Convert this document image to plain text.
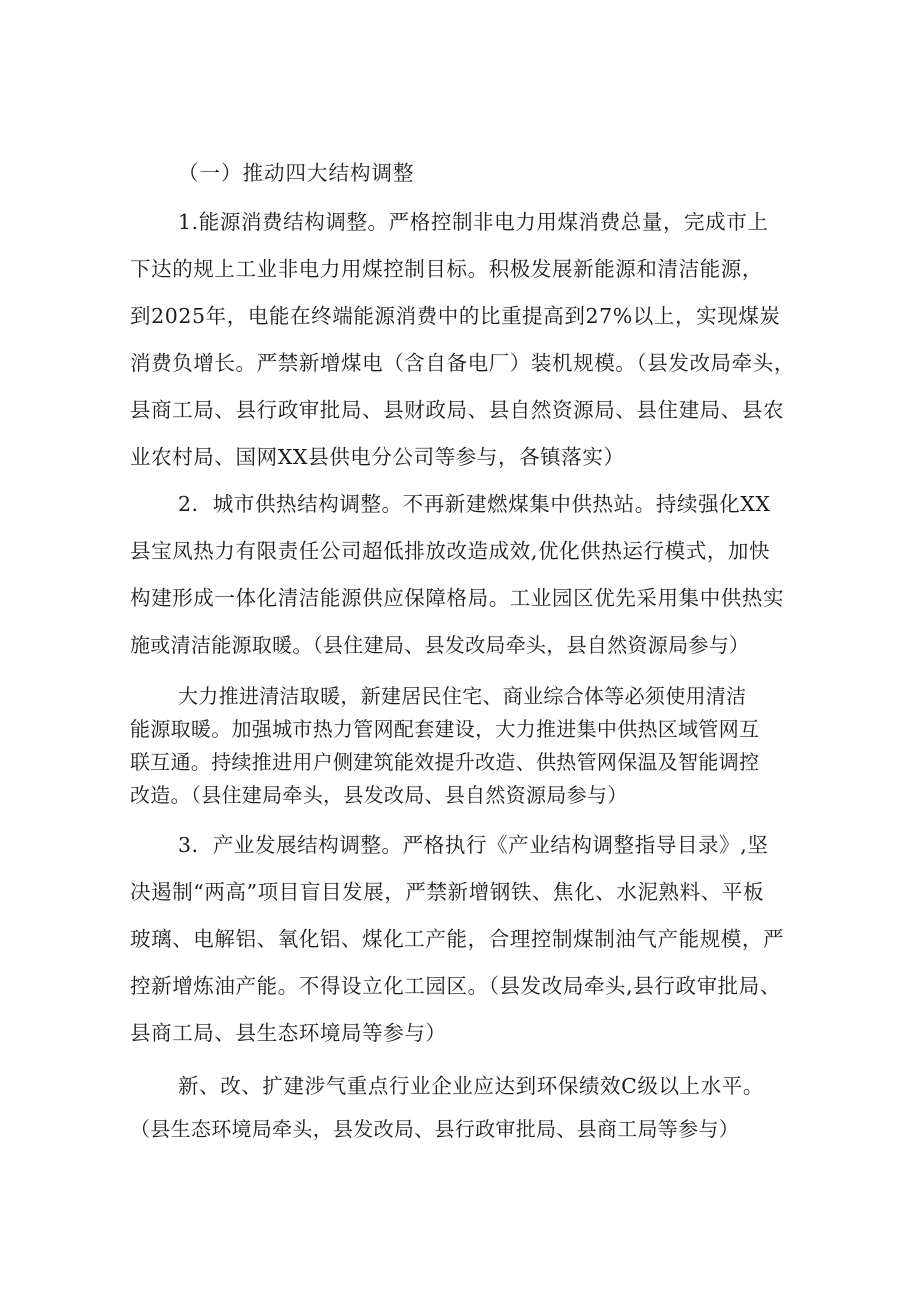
（一）推动四大结构调整
1.能源消费结构调整。严格控制非电力用煤消费总量，完成市上
下达的规上工业非电力用煤控制目标。积极发展新能源和清洁能源，
到2025年，电能在终端能源消费中的比重提高到27%以上，实现煤炭
消费负增长。严禁新增煤电（含自备电厂）装机规模。（县发改局牵头，
县商工局、县行政审批局、县财政局、县自然资源局、县住建局、县农
业农村局、国网XX县供电分公司等参与，各镇落实）
2．城市供热结构调整。不再新建燃煤集中供热站。持续强化XX
县宝凤热力有限责任公司超低排放改造成效,优化供热运行模式，加快
构建形成一体化清洁能源供应保障格局。工业园区优先采用集中供热实
施或清洁能源取暖。（县住建局、县发改局牵头，县自然资源局参与）
大力推进清洁取暖，新建居民住宅、商业综合体等必须使用清洁
能源取暖。加强城市热力管网配套建设，大力推进集中供热区域管网互
联互通。持续推进用户侧建筑能效提升改造、供热管网保温及智能调控
改造。（县住建局牵头，县发改局、县自然资源局参与）
3．产业发展结构调整。严格执行《产业结构调整指导目录》,坚
决遏制“两高”项目盲目发展，严禁新增钢铁、焦化、水泥熟料、平板
玻璃、电解铝、氧化铝、煤化工产能，合理控制煤制油气产能规模，严
控新增炼油产能。不得设立化工园区。（县发改局牵头,县行政审批局、
县商工局、县生态环境局等参与）
新、改、扩建涉气重点行业企业应达到环保绩效C级以上水平。
（县生态环境局牵头，县发改局、县行政审批局、县商工局等参与）
